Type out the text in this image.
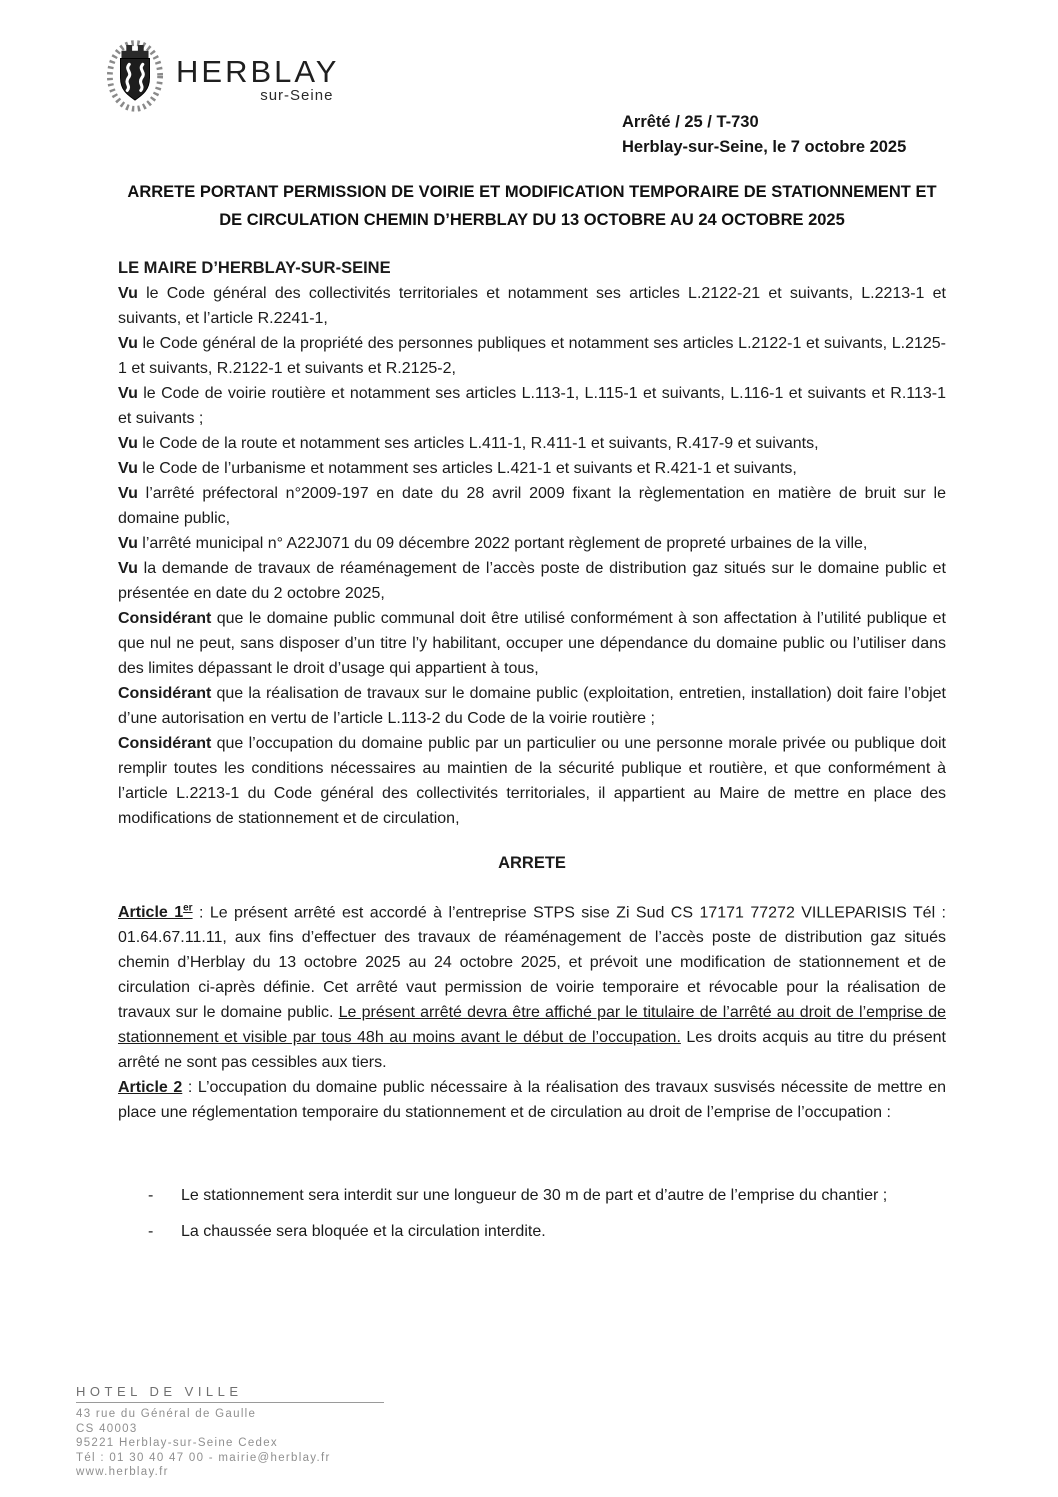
HERBLAY
sur-Seine
Arrêté / 25 / T-730
Herblay-sur-Seine, le 7 octobre 2025
ARRETE PORTANT PERMISSION DE VOIRIE ET MODIFICATION TEMPORAIRE DE STATIONNEMENT ET DE CIRCULATION CHEMIN D’HERBLAY DU 13 OCTOBRE AU 24 OCTOBRE 2025

LE MAIRE D’HERBLAY-SUR-SEINE

Vu le Code général des collectivités territoriales et notamment ses articles L.2122-21 et suivants, L.2213-1 et suivants, et l’article R.2241-1,

Vu le Code général de la propriété des personnes publiques et notamment ses articles L.2122-1 et suivants, L.2125-1 et suivants, R.2122-1 et suivants et R.2125-2,

Vu le Code de voirie routière et notamment ses articles L.113-1, L.115-1 et suivants, L.116-1 et suivants et R.113-1 et suivants ;

Vu le Code de la route et notamment ses articles L.411-1, R.411-1 et suivants, R.417-9 et suivants,

Vu le Code de l’urbanisme et notamment ses articles L.421-1 et suivants et R.421-1 et suivants,

Vu l’arrêté préfectoral n°2009-197 en date du 28 avril 2009 fixant la règlementation en matière de bruit sur le domaine public,

Vu l’arrêté municipal n° A22J071 du 09 décembre 2022 portant règlement de propreté urbaines de la ville,

Vu la demande de travaux de réaménagement de l’accès poste de distribution gaz situés sur le domaine public et présentée en date du 2 octobre 2025,

Considérant que le domaine public communal doit être utilisé conformément à son affectation à l’utilité publique et que nul ne peut, sans disposer d’un titre l’y habilitant, occuper une dépendance du domaine public ou l’utiliser dans des limites dépassant le droit d’usage qui appartient à tous,

Considérant que la réalisation de travaux sur le domaine public (exploitation, entretien, installation) doit faire l’objet d’une autorisation en vertu de l’article L.113-2 du Code de la voirie routière ;

Considérant que l’occupation du domaine public par un particulier ou une personne morale privée ou publique doit remplir toutes les conditions nécessaires au maintien de la sécurité publique et routière, et que conformément à l’article L.2213-1 du Code général des collectivités territoriales, il appartient au Maire de mettre en place des modifications de stationnement et de circulation,

ARRETE

Article 1er : Le présent arrêté est accordé à l’entreprise STPS sise Zi Sud CS 17171 77272 VILLEPARISIS Tél : 01.64.67.11.11, aux fins d’effectuer des travaux de réaménagement de l’accès poste de distribution gaz situés chemin d’Herblay du 13 octobre 2025 au 24 octobre 2025, et prévoit une modification de stationnement et de circulation ci-après définie. Cet arrêté vaut permission de voirie temporaire et révocable pour la réalisation de travaux sur le domaine public. Le présent arrêté devra être affiché par le titulaire de l’arrêté au droit de l’emprise de stationnement et visible par tous 48h au moins avant le début de l’occupation. Les droits acquis au titre du présent arrêté ne sont pas cessibles aux tiers.

Article 2 : L’occupation du domaine public nécessaire à la réalisation des travaux susvisés nécessite de mettre en place une réglementation temporaire du stationnement et de circulation au droit de l’emprise de l’occupation :

- Le stationnement sera interdit sur une longueur de 30 m de part et d’autre de l’emprise du chantier ;
- La chaussée sera bloquée et la circulation interdite.
HOTEL DE VILLE
43 rue du Général de Gaulle
CS 40003
95221 Herblay-sur-Seine Cedex
Tél : 01 30 40 47 00 - mairie@herblay.fr
www.herblay.fr
